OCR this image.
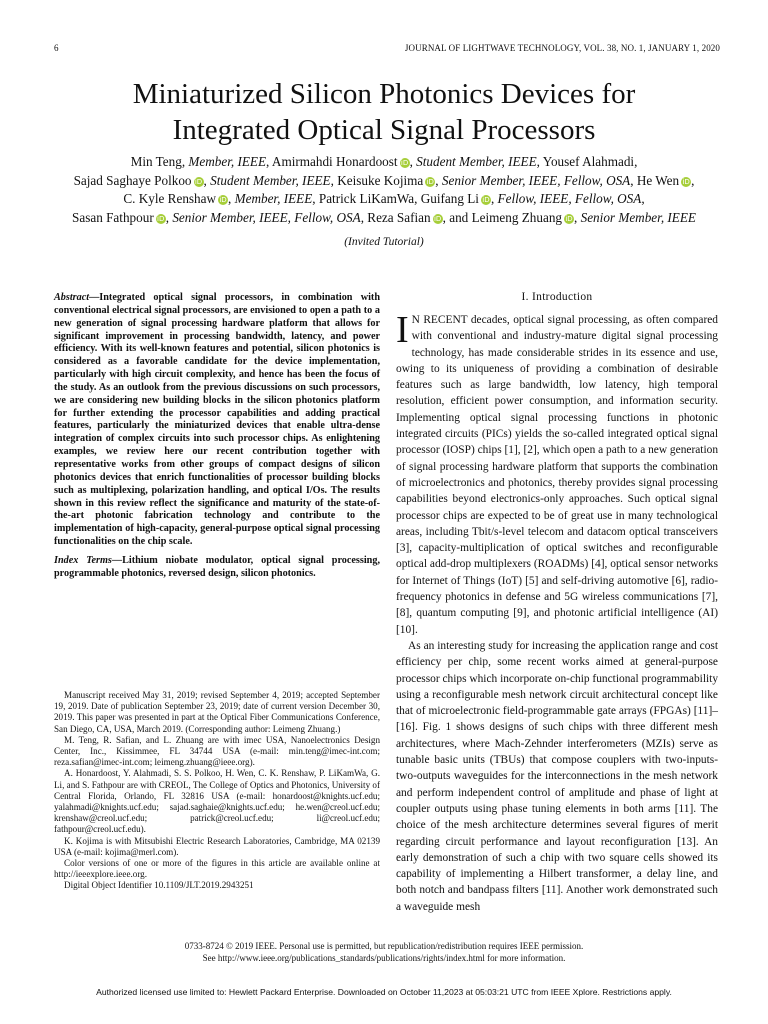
6	JOURNAL OF LIGHTWAVE TECHNOLOGY, VOL. 38, NO. 1, JANUARY 1, 2020
Miniaturized Silicon Photonics Devices for
Integrated Optical Signal Processors
Min Teng, Member, IEEE, Amirmahdi Honardoost iD, Student Member, IEEE, Yousef Alahmadi,
Sajad Saghaye Polkoo iD, Student Member, IEEE, Keisuke Kojima iD, Senior Member, IEEE, Fellow, OSA, He Wen iD,
C. Kyle Renshaw iD, Member, IEEE, Patrick LiKamWa, Guifang Li iD, Fellow, IEEE, Fellow, OSA,
Sasan Fathpour iD, Senior Member, IEEE, Fellow, OSA, Reza Safian iD, and Leimeng Zhuang iD, Senior Member, IEEE
(Invited Tutorial)
Abstract—Integrated optical signal processors, in combination with conventional electrical signal processors, are envisioned to open a path to a new generation of signal processing hardware platform that allows for significant improvement in processing bandwidth, latency, and power efficiency. With its well-known features and potential, silicon photonics is considered as a favorable candidate for the device implementation, particularly with high circuit complexity, and hence has been the focus of the study. As an outlook from the previous discussions on such processors, we are considering new building blocks in the silicon photonics platform for further extending the processor capabilities and adding practical features, particularly the miniaturized devices that enable ultra-dense integration of complex circuits into such processor chips. As enlightening examples, we review here our recent contribution together with representative works from other groups of compact designs of silicon photonics devices that enrich functionalities of processor building blocks such as multiplexing, polarization handling, and optical I/Os. The results shown in this review reflect the significance and maturity of the state-of-the-art photonic fabrication technology and contribute to the implementation of high-capacity, general-purpose optical signal processing functionalities on the chip scale.
Index Terms—Lithium niobate modulator, optical signal processing, programmable photonics, reversed design, silicon photonics.

Manuscript received May 31, 2019; revised September 4, 2019; accepted September 19, 2019. Date of publication September 23, 2019; date of current version December 30, 2019. This paper was presented in part at the Optical Fiber Communications Conference, San Diego, CA, USA, March 2019. (Corresponding author: Leimeng Zhuang.)

M. Teng, R. Safian, and L. Zhuang are with imec USA, Nanoelectronics Design Center, Inc., Kissimmee, FL 34744 USA (e-mail: min.teng@imec-int.com; reza.safian@imec-int.com; leimeng.zhuang@ieee.org).

A. Honardoost, Y. Alahmadi, S. S. Polkoo, H. Wen, C. K. Renshaw, P. LiKamWa, G. Li, and S. Fathpour are with CREOL, The College of Optics and Photonics, University of Central Florida, Orlando, FL 32816 USA (e-mail: honardoost@knights.ucf.edu; yalahmadi@knights.ucf.edu; sajad.saghaie@knights.ucf.edu; he.wen@creol.ucf.edu; krenshaw@creol.ucf.edu; patrick@creol.ucf.edu; li@creol.ucf.edu; fathpour@creol.ucf.edu).

K. Kojima is with Mitsubishi Electric Research Laboratories, Cambridge, MA 02139 USA (e-mail: kojima@merl.com).

Color versions of one or more of the figures in this article are available online at http://ieeexplore.ieee.org.

Digital Object Identifier 10.1109/JLT.2019.2943251

I. Introduction

I N RECENT decades, optical signal processing, as often compared with conventional and industry-mature digital signal processing technology, has made considerable strides in its essence and use, owing to its uniqueness of providing a combination of desirable features such as large bandwidth, low latency, high temporal resolution, efficient power consumption, and information security. Implementing optical signal processing functions in photonic integrated circuits (PICs) yields the so-called integrated optical signal processor (IOSP) chips [1], [2], which open a path to a new generation of signal processing hardware platform that supports the combination of microelectronics and photonics, thereby provides signal processing capabilities beyond electronics-only approaches. Such optical signal processor chips are expected to be of great use in many technological areas, including Tbit/s-level telecom and datacom optical transceivers [3], capacity-multiplication of optical switches and reconfigurable optical add-drop multiplexers (ROADMs) [4], optical sensor networks for Internet of Things (IoT) [5] and self-driving automotive [6], radio-frequency photonics in defense and 5G wireless communications [7], [8], quantum computing [9], and photonic artificial intelligence (AI) [10].

As an interesting study for increasing the application range and cost efficiency per chip, some recent works aimed at general-purpose processor chips which incorporate on-chip functional programmability using a reconfigurable mesh network circuit architectural concept like that of microelectronic field-programmable gate arrays (FPGAs) [11]–[16]. Fig. 1 shows designs of such chips with three different mesh architectures, where Mach-Zehnder interferometers (MZIs) serve as tunable basic units (TBUs) that compose couplers with two-inputs-two-outputs waveguides for the interconnections in the mesh network and perform independent control of amplitude and phase of light at coupler outputs using phase tuning elements in both arms [11]. The choice of the mesh architecture determines several figures of merit regarding circuit performance and layout reconfiguration [13]. An early demonstration of such a chip with two square cells showed its capability of implementing a Hilbert transformer, a delay line, and both notch and bandpass filters [11]. Another work demonstrated such a waveguide mesh

0733-8724 © 2019 IEEE. Personal use is permitted, but republication/redistribution requires IEEE permission.
See http://www.ieee.org/publications_standards/publications/rights/index.html for more information.
Authorized licensed use limited to: Hewlett Packard Enterprise. Downloaded on October 11,2023 at 05:03:21 UTC from IEEE Xplore. Restrictions apply.
